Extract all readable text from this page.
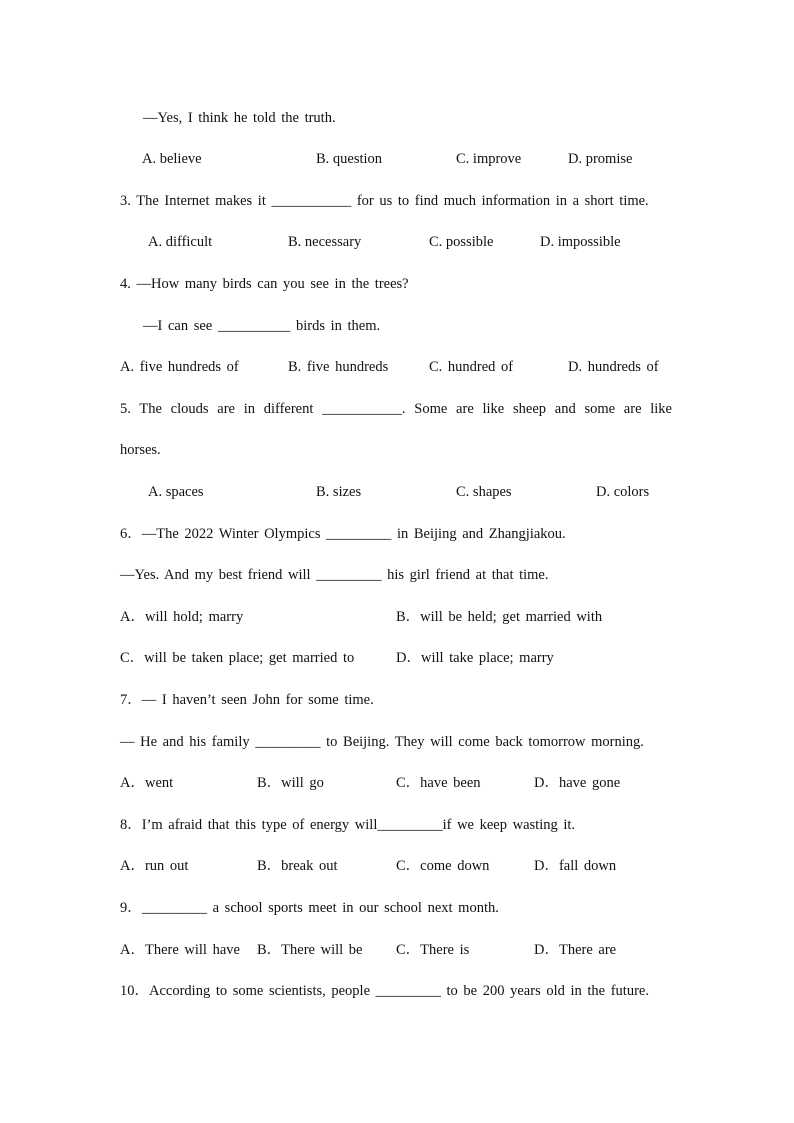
—Yes, I think he told the truth.
A. believe	B. question	C. improve	D. promise
3. The Internet makes it ___________ for us to find much information in a short time.
A. difficult	B. necessary	C. possible	D. impossible
4. —How many birds can you see in the trees?
—I can see __________ birds in them.
A. five hundreds of	B. five hundreds	C. hundred of	D. hundreds of
5. The clouds are in different ___________. Some are like sheep and some are like
horses.
A. spaces	B. sizes	C. shapes	D. colors
6．—The 2022 Winter Olympics _________ in Beijing and Zhangjiakou.
—Yes. And my best friend will _________ his girl friend at that time.
A．will hold; marry	B．will be held; get married with
C．will be taken place; get married to	D．will take place; marry
7．— I haven’t seen John for some time.
— He and his family _________ to Beijing. They will come back tomorrow morning.
A．went	B．will go	C．have been	D．have gone
8．I’m afraid that this type of energy will_________if we keep wasting it.
A．run out	B．break out	C．come down	D．fall down
9．_________ a school sports meet in our school next month.
A．There will have B．There will be C．There is	D．There are
10．According to some scientists, people _________ to be 200 years old in the future.
